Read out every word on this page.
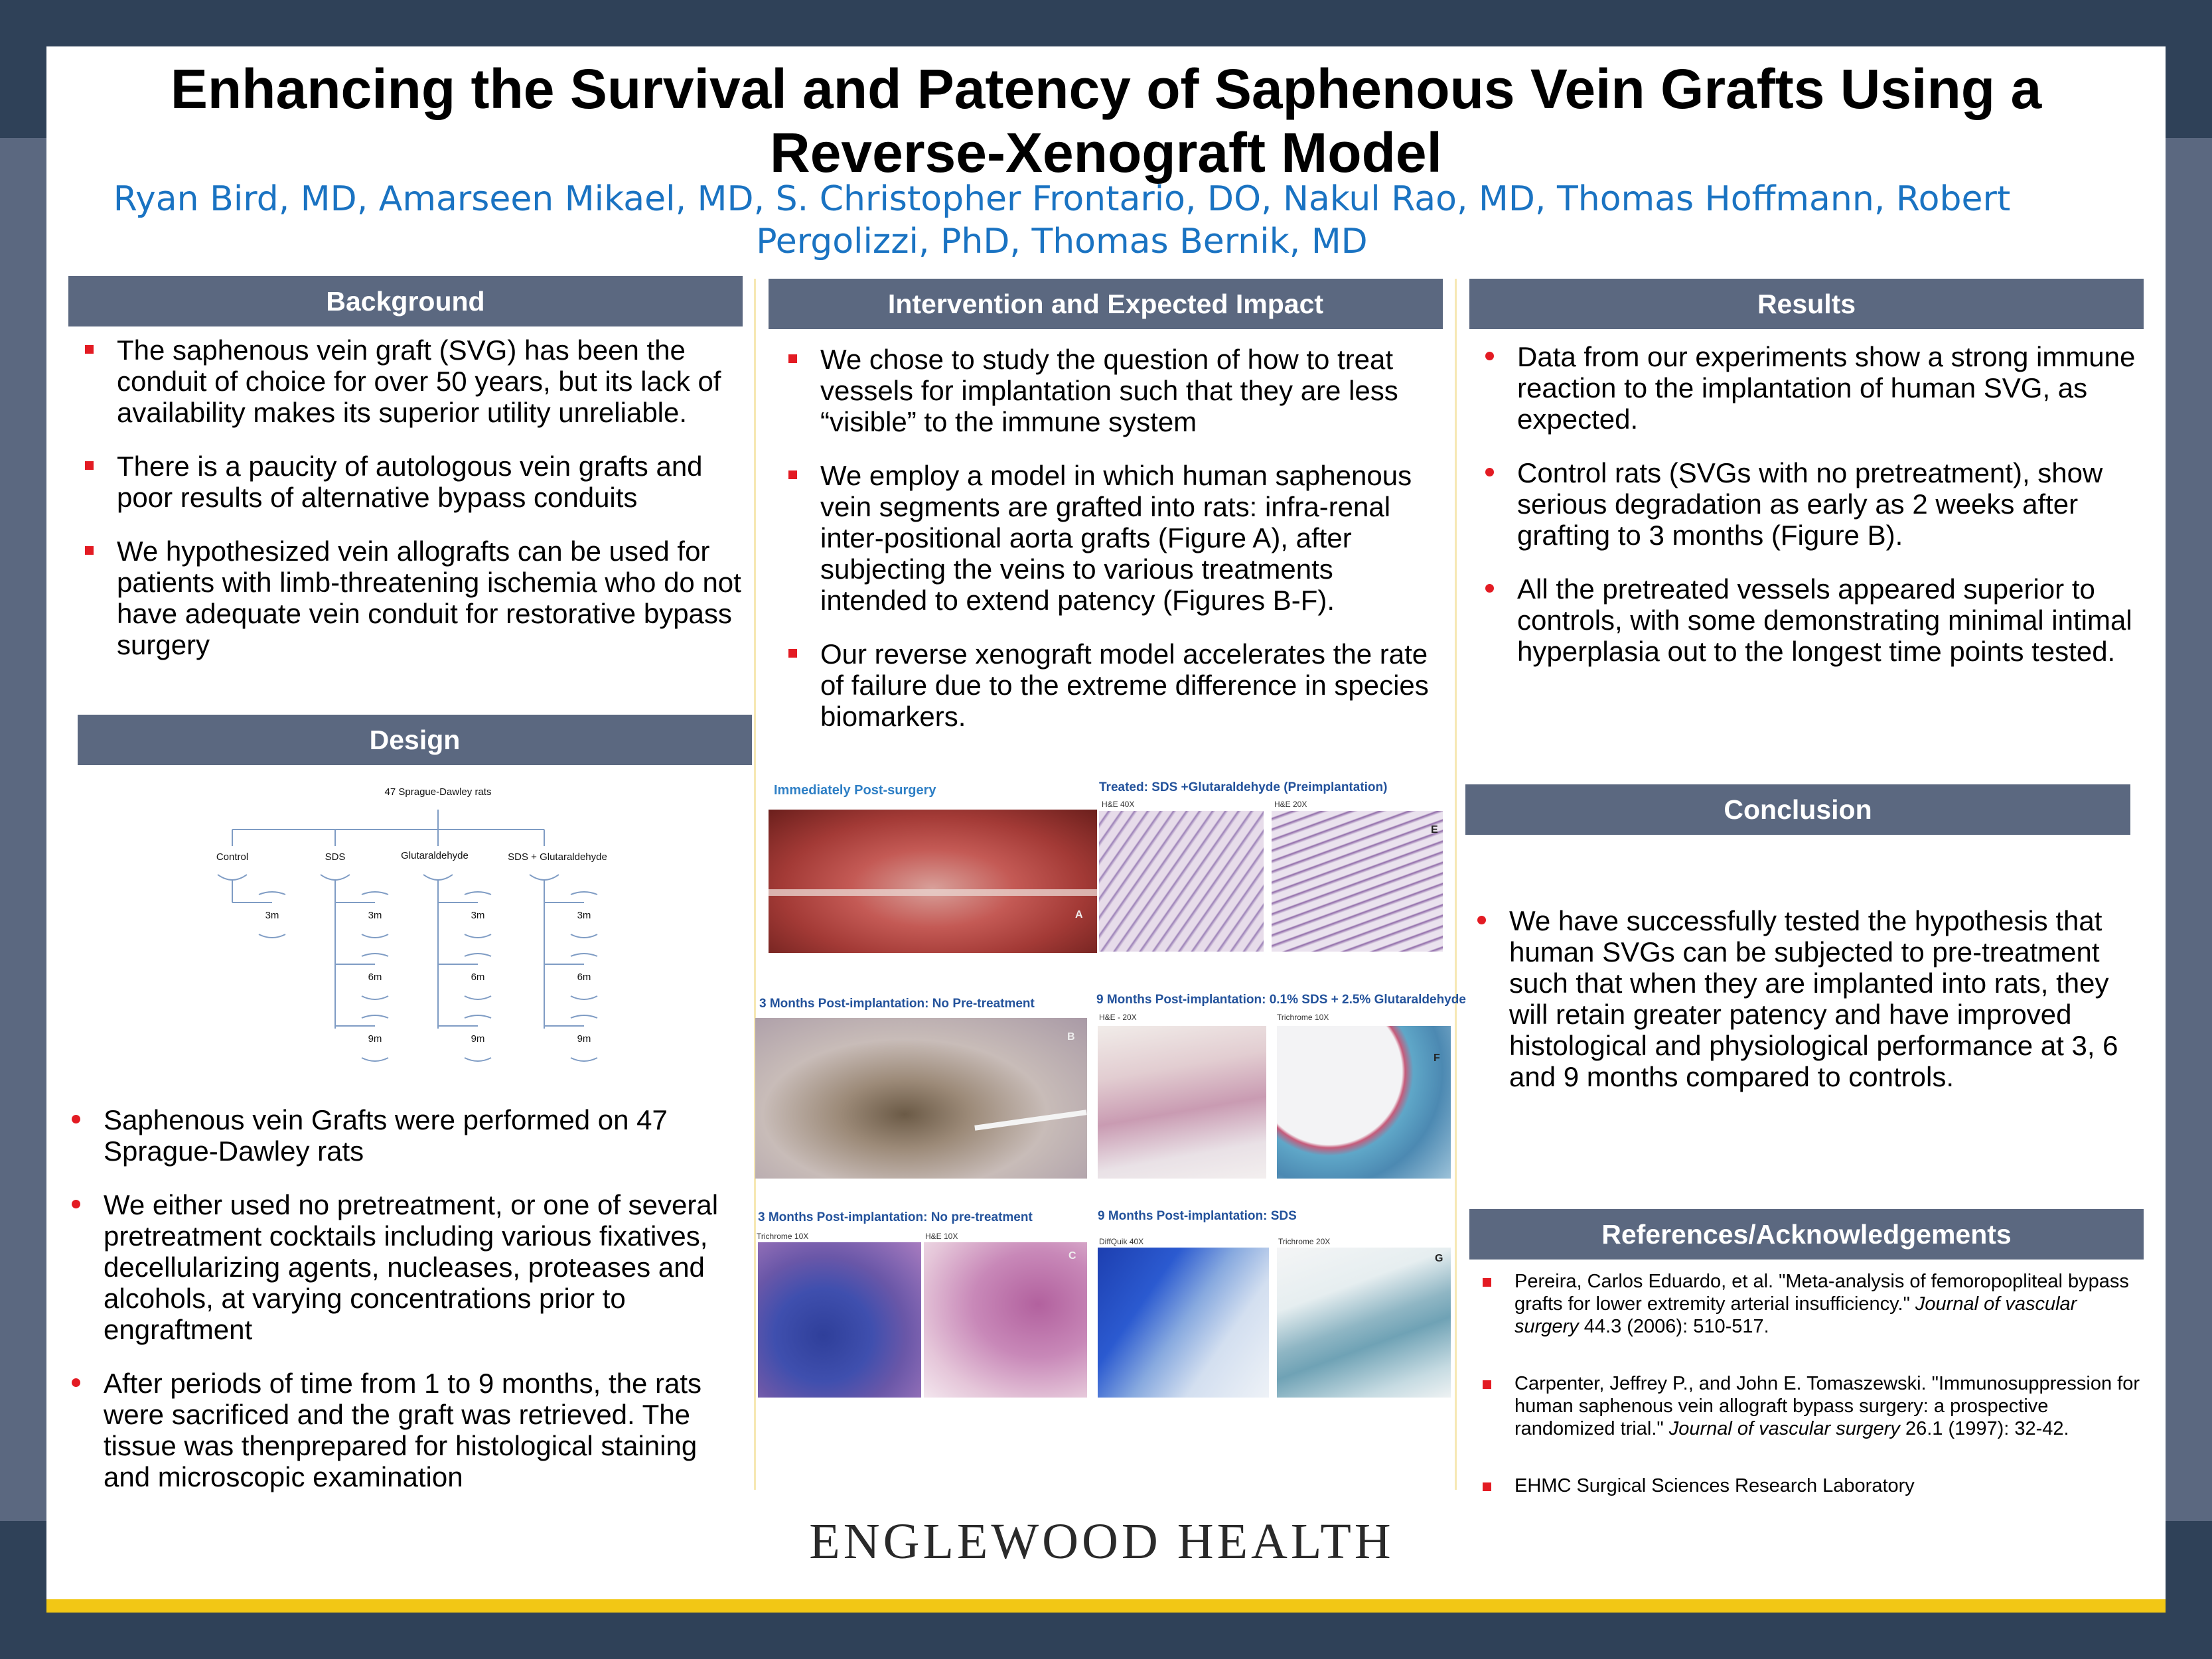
Enhancing the Survival and Patency of Saphenous Vein Grafts Using a Reverse-Xenograft Model
Ryan Bird, MD, Amarseen Mikael, MD, S. Christopher Frontario, DO, Nakul Rao, MD, Thomas Hoffmann, Robert Pergolizzi, PhD, Thomas Bernik, MD
Background
The saphenous vein graft (SVG) has been the conduit of choice for over 50 years, but its lack of availability makes its superior utility unreliable.
There is a paucity of autologous vein grafts and poor results of alternative bypass conduits
We hypothesized vein allografts can be used for patients with limb-threatening ischemia who do not have adequate vein conduit for restorative bypass surgery
Design
47 Sprague-Dawley rats
Control	SDS	Glutaraldehyde	SDS + Glutaraldehyde
3m	3m
6m
9m
3m
6m
9m
3m
6m
9m
Saphenous vein Grafts were performed on 47 Sprague-Dawley rats
We either used no pretreatment, or one of several pretreatment cocktails including various fixatives, decellularizing agents, nucleases, proteases and alcohols, at varying concentrations prior to engraftment
After periods of time from 1 to 9 months, the rats were sacrificed and the graft was retrieved. The tissue was thenprepared for histological staining and microscopic examination
Intervention and Expected Impact
We chose to study the question of how to treat vessels for implantation such that they are less “visible” to the immune system
We employ a model in which human saphenous vein segments are grafted into rats: infra-renal inter-positional aorta grafts (Figure A), after subjecting the veins to various treatments intended to extend patency (Figures B-F).
Our reverse xenograft model accelerates the rate of failure due to the extreme difference in species biomarkers.
Immediately Post-surgery
A
Treated: SDS +Glutaraldehyde (Preimplantation)
H&E 40X	H&E 20X
E
3 Months Post-implantation: No Pre-treatment
B
9 Months Post-implantation: 0.1% SDS + 2.5% Glutaraldehyde
H&E - 20X	Trichrome 10X
F
3 Months Post-implantation: No pre-treatment
Trichrome 10X	H&E 10X
C
9 Months Post-implantation: SDS
DiffQuik 40X	Trichrome 20X
G
Results
Data from our experiments show a strong immune reaction to the implantation of human SVG, as expected.
Control rats (SVGs with no pretreatment), show serious degradation as early as 2 weeks after grafting to 3 months (Figure B).
All the pretreated vessels appeared superior to controls, with some demonstrating minimal intimal hyperplasia out to the longest time points tested.
Conclusion
We have successfully tested the hypothesis that human SVGs can be subjected to pre-treatment such that when they are implanted into rats, they will retain greater patency and have improved histological and physiological performance at 3, 6 and 9 months compared to controls.
References/Acknowledgements
Pereira, Carlos Eduardo, et al. "Meta-analysis of femoropopliteal bypass grafts for lower extremity arterial insufficiency." Journal of vascular surgery 44.3 (2006): 510-517.
Carpenter, Jeffrey P., and John E. Tomaszewski. "Immunosuppression for human saphenous vein allograft bypass surgery: a prospective randomized trial." Journal of vascular surgery 26.1 (1997): 32-42.
EHMC Surgical Sciences Research Laboratory
ENGLEWOOD HEALTH
